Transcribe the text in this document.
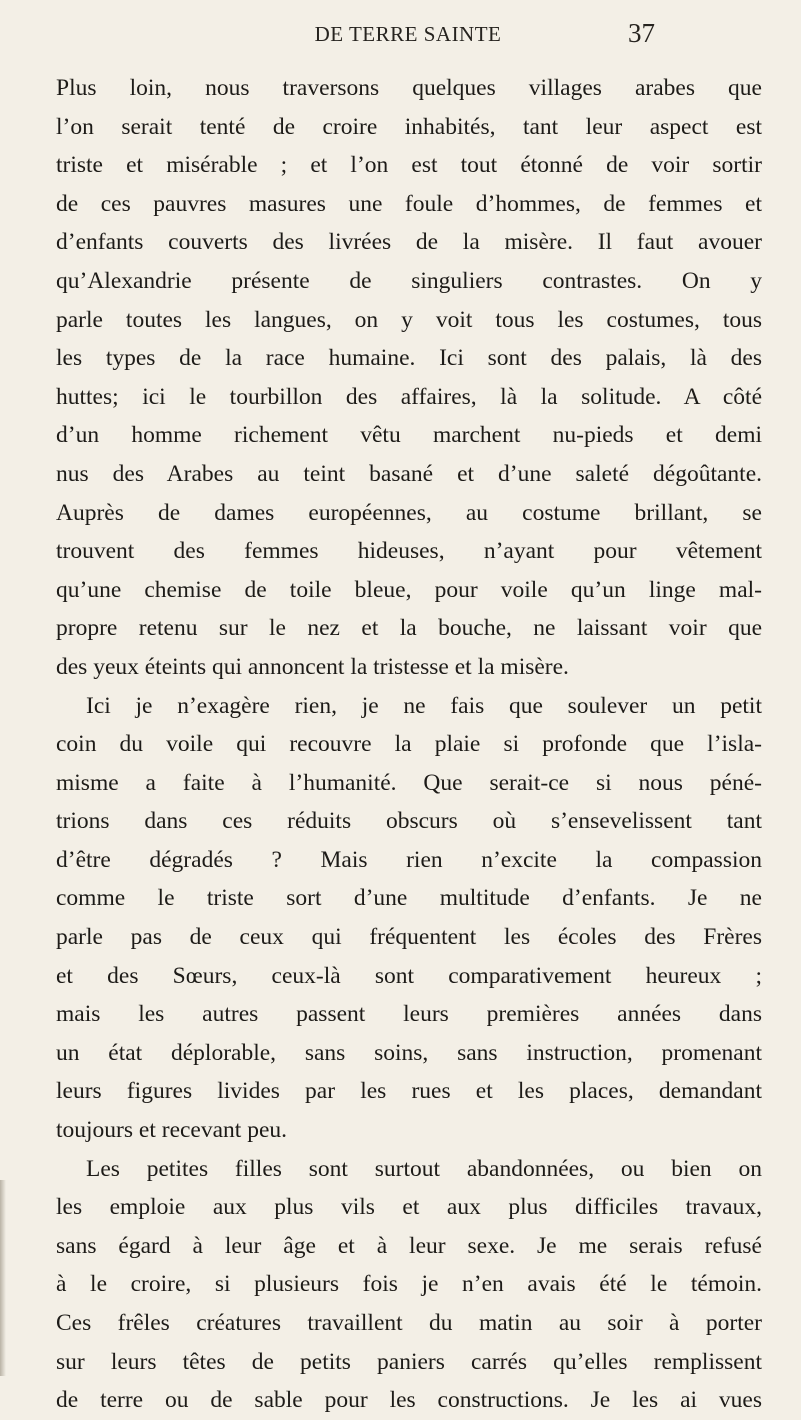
DE TERRE SAINTE	37

Plus loin, nous traversons quelques villages arabes que
l’on serait tenté de croire inhabités, tant leur aspect est
triste et misérable ; et l’on est tout étonné de voir sortir
de ces pauvres masures une foule d’hommes, de femmes et
d’enfants couverts des livrées de la misère. Il faut avouer
qu’Alexandrie présente de singuliers contrastes. On y
parle toutes les langues, on y voit tous les costumes, tous
les types de la race humaine. Ici sont des palais, là des
huttes; ici le tourbillon des affaires, là la solitude. A côté
d’un homme richement vêtu marchent nu-pieds et demi
nus des Arabes au teint basané et d’une saleté dégoûtante.
Auprès de dames européennes, au costume brillant, se
trouvent des femmes hideuses, n’ayant pour vêtement
qu’une chemise de toile bleue, pour voile qu’un linge mal-
propre retenu sur le nez et la bouche, ne laissant voir que
des yeux éteints qui annoncent la tristesse et la misère.

Ici je n’exagère rien, je ne fais que soulever un petit
coin du voile qui recouvre la plaie si profonde que l’isla-
misme a faite à l’humanité. Que serait-ce si nous péné-
trions dans ces réduits obscurs où s’ensevelissent tant
d’être dégradés ? Mais rien n’excite la compassion
comme le triste sort d’une multitude d’enfants. Je ne
parle pas de ceux qui fréquentent les écoles des Frères
et des Sœurs, ceux-là sont comparativement heureux ;
mais les autres passent leurs premières années dans
un état déplorable, sans soins, sans instruction, promenant
leurs figures livides par les rues et les places, demandant
toujours et recevant peu.

Les petites filles sont surtout abandonnées, ou bien on
les emploie aux plus vils et aux plus difficiles travaux,
sans égard à leur âge et à leur sexe. Je me serais refusé
à le croire, si plusieurs fois je n’en avais été le témoin.
Ces frêles créatures travaillent du matin au soir à porter
sur leurs têtes de petits paniers carrés qu’elles remplissent
de terre ou de sable pour les constructions. Je les ai vues
